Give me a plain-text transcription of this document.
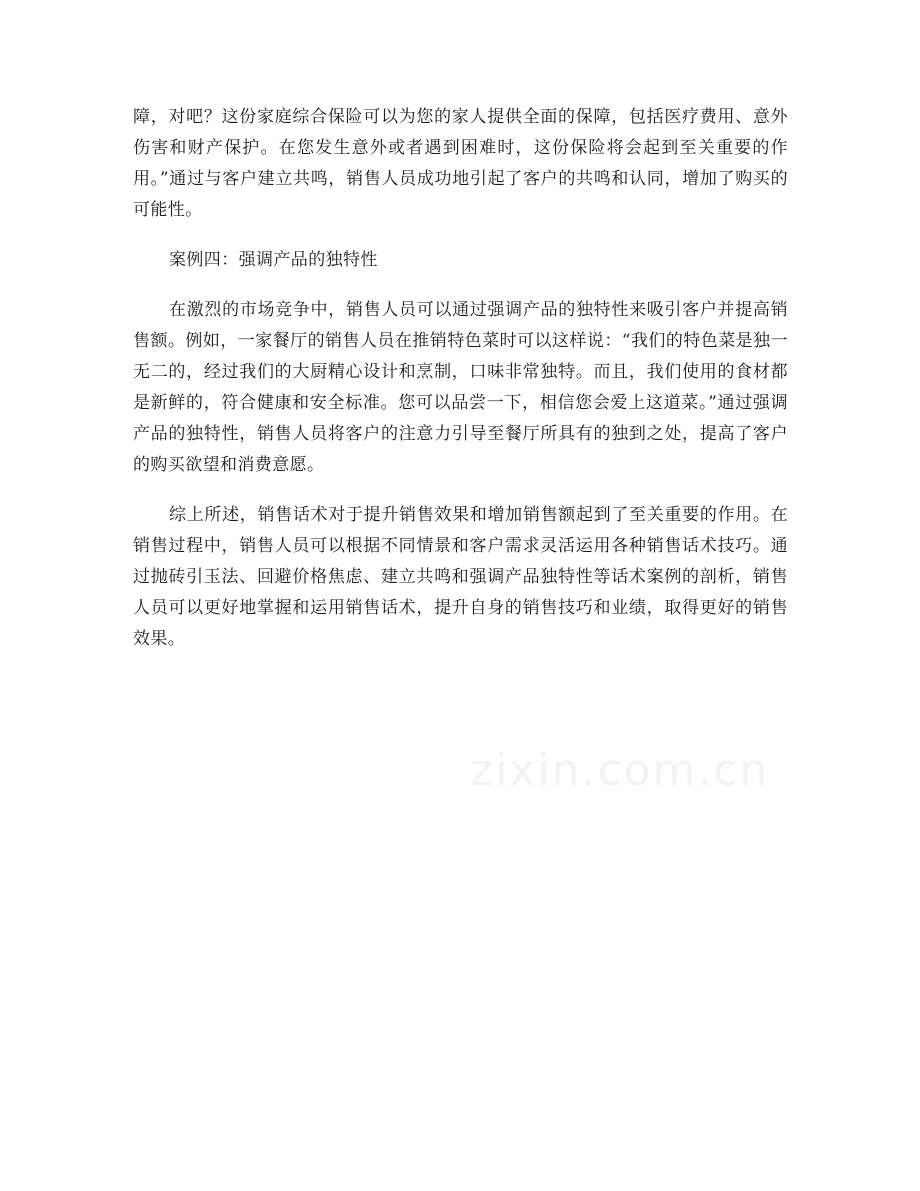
障，对吧？这份家庭综合保险可以为您的家人提供全面的保障，包括医疗费用、意外伤害和财产保护。在您发生意外或者遇到困难时，这份保险将会起到至关重要的作用。”通过与客户建立共鸣，销售人员成功地引起了客户的共鸣和认同，增加了购买的可能性。

案例四：强调产品的独特性

在激烈的市场竞争中，销售人员可以通过强调产品的独特性来吸引客户并提高销售额。例如，一家餐厅的销售人员在推销特色菜时可以这样说：“我们的特色菜是独一无二的，经过我们的大厨精心设计和烹制，口味非常独特。而且，我们使用的食材都是新鲜的，符合健康和安全标准。您可以品尝一下，相信您会爱上这道菜。”通过强调产品的独特性，销售人员将客户的注意力引导至餐厅所具有的独到之处，提高了客户的购买欲望和消费意愿。

综上所述，销售话术对于提升销售效果和增加销售额起到了至关重要的作用。在销售过程中，销售人员可以根据不同情景和客户需求灵活运用各种销售话术技巧。通过抛砖引玉法、回避价格焦虑、建立共鸣和强调产品独特性等话术案例的剖析，销售人员可以更好地掌握和运用销售话术，提升自身的销售技巧和业绩，取得更好的销售效果。

zixin.com.cn
